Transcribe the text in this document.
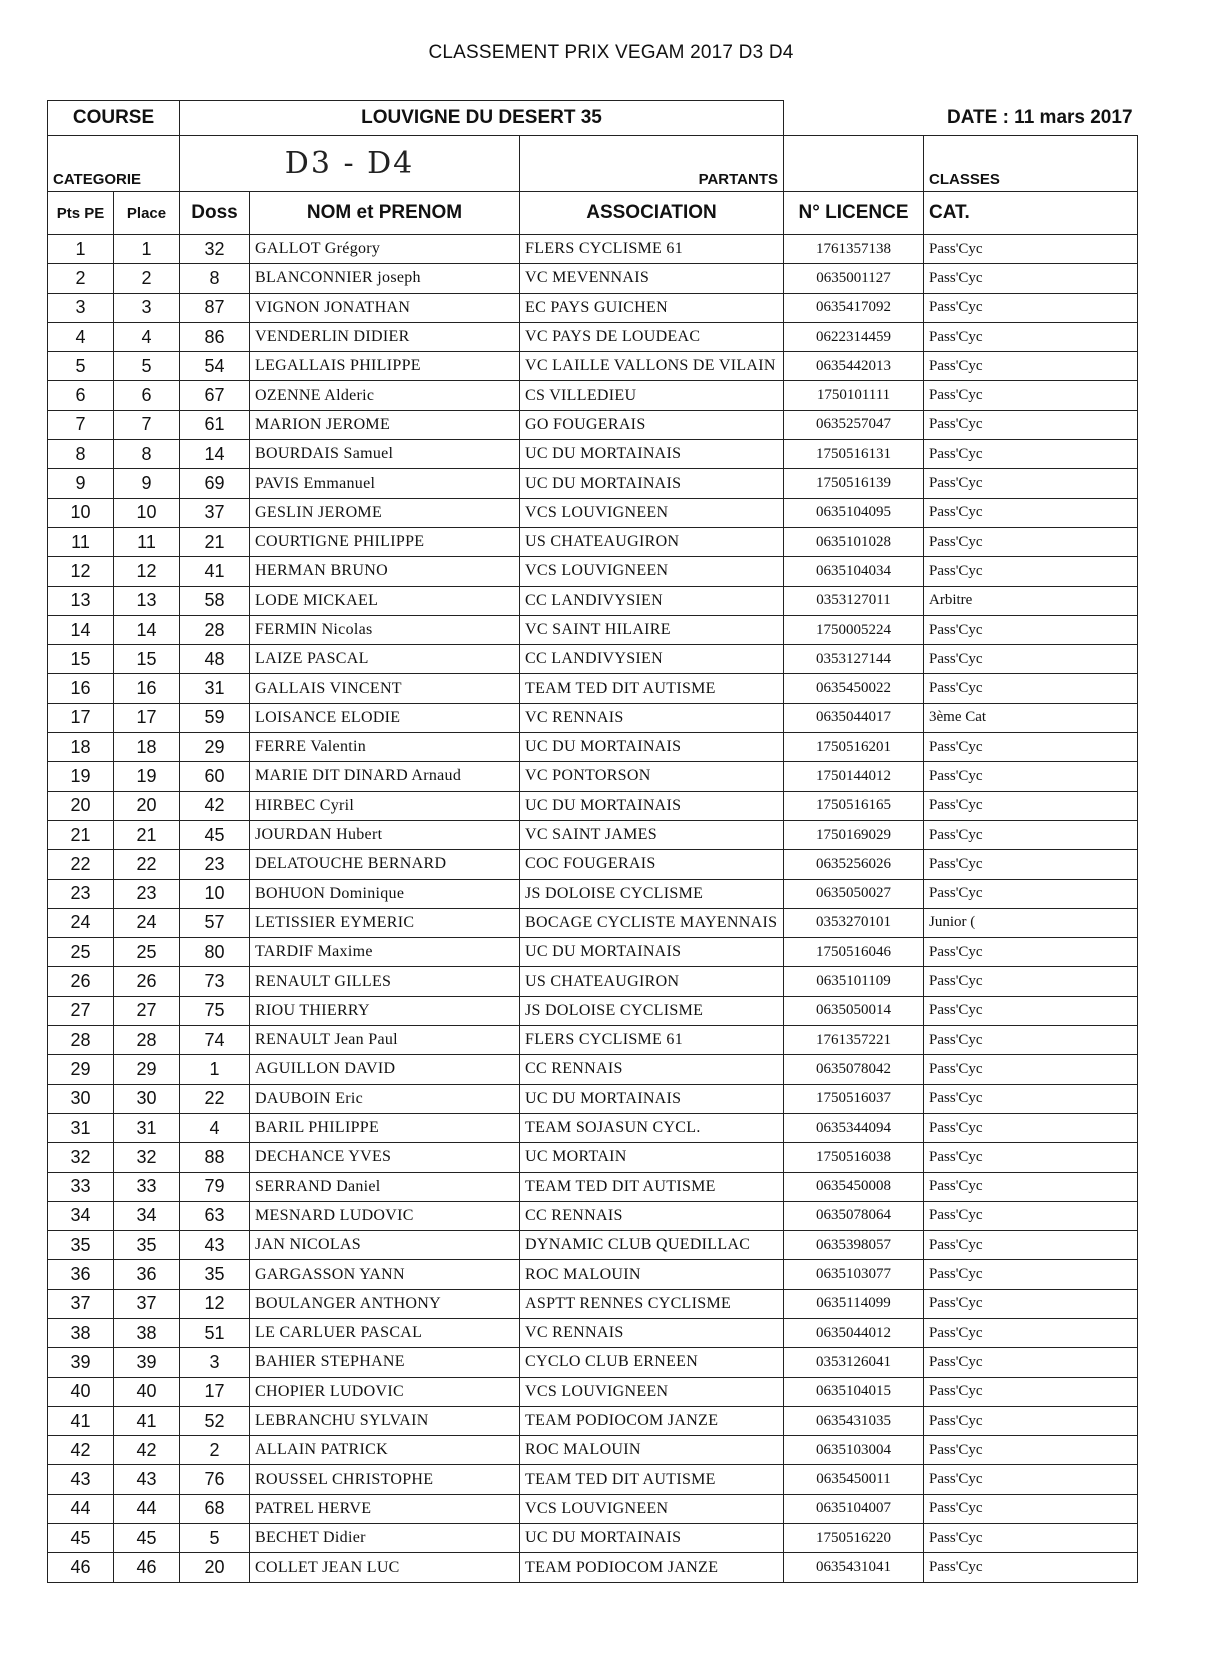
CLASSEMENT PRIX VEGAM 2017 D3 D4
COURSE		LOUVIGNE DU DESERT 35			DATE : 11 mars 2017	
CATEGORIE		D3 - D4		PARTANTS		CLASSES
Pts PE	Place	Doss	NOM et PRENOM	ASSOCIATION	N° LICENCE	CAT.
1	1	32	GALLOT Grégory	FLERS CYCLISME 61	1761357138	Pass'Cyc
2	2	8	BLANCONNIER joseph	VC MEVENNAIS	0635001127	Pass'Cyc
3	3	87	VIGNON JONATHAN	EC PAYS GUICHEN	0635417092	Pass'Cyc
4	4	86	VENDERLIN DIDIER	VC PAYS DE LOUDEAC	0622314459	Pass'Cyc
5	5	54	LEGALLAIS PHILIPPE	VC LAILLE VALLONS DE VILAIN	0635442013	Pass'Cyc
6	6	67	OZENNE Alderic	CS VILLEDIEU	1750101111	Pass'Cyc
7	7	61	MARION JEROME	GO FOUGERAIS	0635257047	Pass'Cyc
8	8	14	BOURDAIS Samuel	UC DU MORTAINAIS	1750516131	Pass'Cyc
9	9	69	PAVIS Emmanuel	UC DU MORTAINAIS	1750516139	Pass'Cyc
10	10	37	GESLIN JEROME	VCS LOUVIGNEEN	0635104095	Pass'Cyc
11	11	21	COURTIGNE PHILIPPE	US CHATEAUGIRON	0635101028	Pass'Cyc
12	12	41	HERMAN BRUNO	VCS LOUVIGNEEN	0635104034	Pass'Cyc
13	13	58	LODE MICKAEL	CC LANDIVYSIEN	0353127011	Arbitre
14	14	28	FERMIN Nicolas	VC SAINT HILAIRE	1750005224	Pass'Cyc
15	15	48	LAIZE PASCAL	CC LANDIVYSIEN	0353127144	Pass'Cyc
16	16	31	GALLAIS VINCENT	TEAM TED DIT AUTISME	0635450022	Pass'Cyc
17	17	59	LOISANCE ELODIE	VC RENNAIS	0635044017	3ème Cat
18	18	29	FERRE Valentin	UC DU MORTAINAIS	1750516201	Pass'Cyc
19	19	60	MARIE DIT DINARD Arnaud	VC PONTORSON	1750144012	Pass'Cyc
20	20	42	HIRBEC Cyril	UC DU MORTAINAIS	1750516165	Pass'Cyc
21	21	45	JOURDAN Hubert	VC SAINT JAMES	1750169029	Pass'Cyc
22	22	23	DELATOUCHE BERNARD	COC FOUGERAIS	0635256026	Pass'Cyc
23	23	10	BOHUON Dominique	JS DOLOISE CYCLISME	0635050027	Pass'Cyc
24	24	57	LETISSIER EYMERIC	BOCAGE CYCLISTE MAYENNAIS	0353270101	Junior (
25	25	80	TARDIF Maxime	UC DU MORTAINAIS	1750516046	Pass'Cyc
26	26	73	RENAULT GILLES	US CHATEAUGIRON	0635101109	Pass'Cyc
27	27	75	RIOU THIERRY	JS DOLOISE CYCLISME	0635050014	Pass'Cyc
28	28	74	RENAULT Jean Paul	FLERS CYCLISME 61	1761357221	Pass'Cyc
29	29	1	AGUILLON DAVID	CC RENNAIS	0635078042	Pass'Cyc
30	30	22	DAUBOIN Eric	UC DU MORTAINAIS	1750516037	Pass'Cyc
31	31	4	BARIL PHILIPPE	TEAM SOJASUN CYCL.	0635344094	Pass'Cyc
32	32	88	DECHANCE YVES	UC MORTAIN	1750516038	Pass'Cyc
33	33	79	SERRAND Daniel	TEAM TED DIT AUTISME	0635450008	Pass'Cyc
34	34	63	MESNARD LUDOVIC	CC RENNAIS	0635078064	Pass'Cyc
35	35	43	JAN NICOLAS	DYNAMIC CLUB QUEDILLAC	0635398057	Pass'Cyc
36	36	35	GARGASSON YANN	ROC MALOUIN	0635103077	Pass'Cyc
37	37	12	BOULANGER ANTHONY	ASPTT RENNES CYCLISME	0635114099	Pass'Cyc
38	38	51	LE CARLUER PASCAL	VC RENNAIS	0635044012	Pass'Cyc
39	39	3	BAHIER STEPHANE	CYCLO CLUB ERNEEN	0353126041	Pass'Cyc
40	40	17	CHOPIER LUDOVIC	VCS LOUVIGNEEN	0635104015	Pass'Cyc
41	41	52	LEBRANCHU SYLVAIN	TEAM PODIOCOM JANZE	0635431035	Pass'Cyc
42	42	2	ALLAIN PATRICK	ROC MALOUIN	0635103004	Pass'Cyc
43	43	76	ROUSSEL CHRISTOPHE	TEAM TED DIT AUTISME	0635450011	Pass'Cyc
44	44	68	PATREL HERVE	VCS LOUVIGNEEN	0635104007	Pass'Cyc
45	45	5	BECHET Didier	UC DU MORTAINAIS	1750516220	Pass'Cyc
46	46	20	COLLET JEAN LUC	TEAM PODIOCOM JANZE	0635431041	Pass'Cyc
